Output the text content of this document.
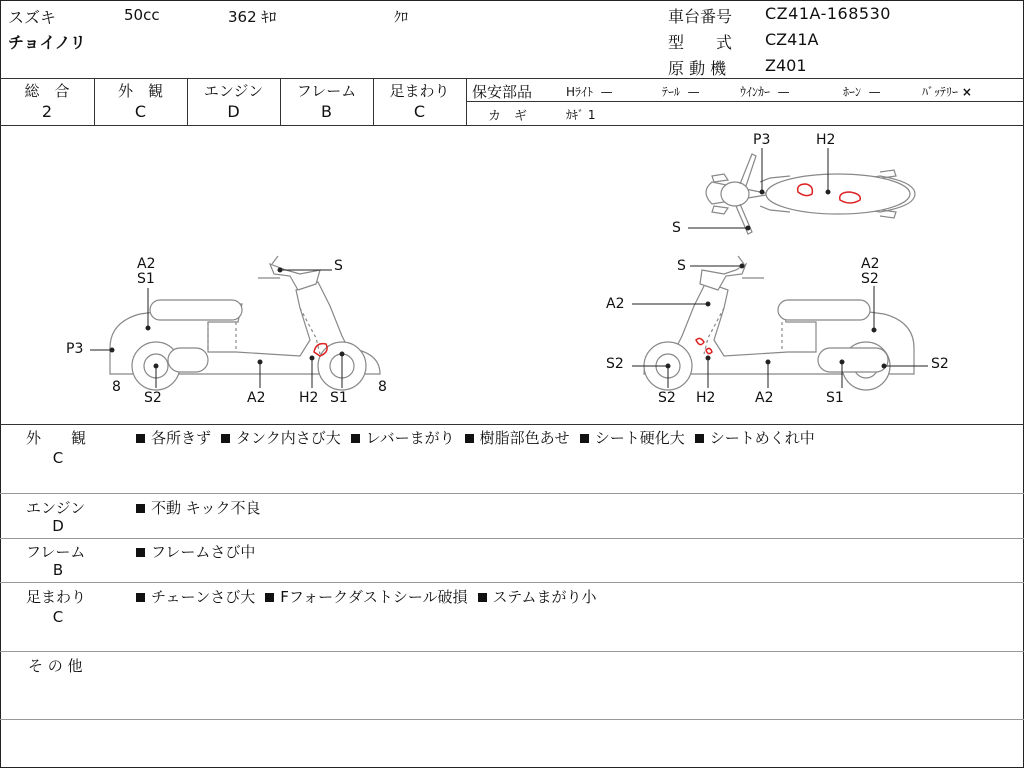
スズキ	50cc	362 ｷﾛ	ｸﾛ
チョイノリ
車台番号 CZ41A-168530
型　　式 CZ41A
原 動 機 Z401
総　合
2
外　観
C
エンジン
D
フレーム
B
足まわり
C
保安部品	Hﾗｲﾄ —	ﾃｰﾙ —	ｳｲﾝｶｰ —	ﾎｰﾝ —	ﾊﾞｯﾃﾘｰ ×
カ　ギ	ｶｷﾞ 1
P3	H2
S
A2
S1
S
P3
8
S2	A2 H2 S1
8
S	A2
S2
A2
S2	S2
S2 H2	A2	S1
外　　観
C
各所きず タンク内さび大 レバーまがり 樹脂部色あせ シート硬化大 シートめくれ中
エンジン
D
不動 キック不良
フレーム
B
フレームさび中
足まわり
C
チェーンさび大 Fフォークダストシール破損 ステムまがり小
そ の 他
